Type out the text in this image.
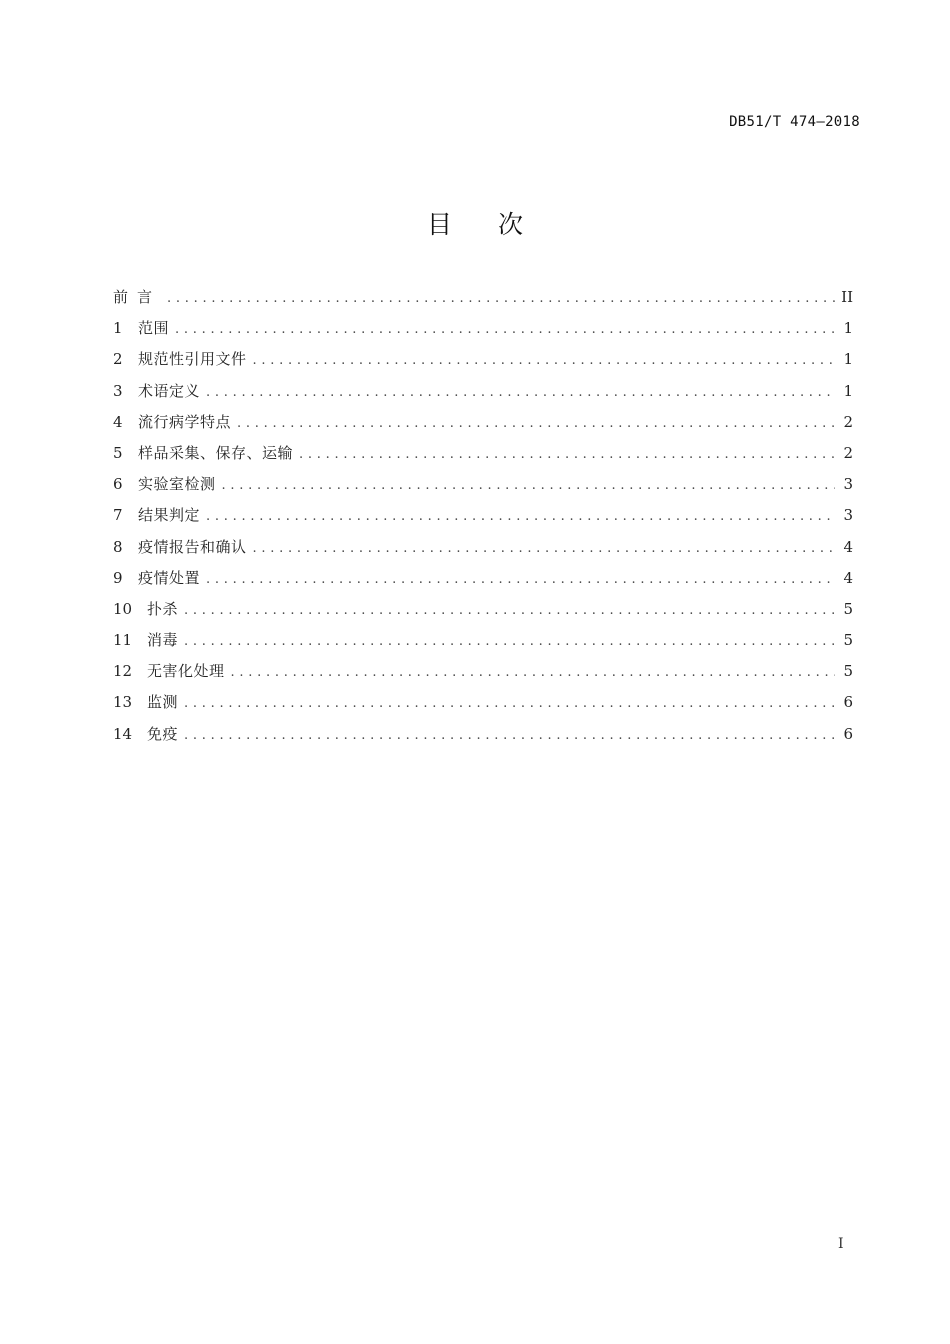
DB51/T 474—2018
目次
前言 . . .	II
1	范围 . . .	1
2	规范性引用文件 . . .	1
3	术语定义 . . .	1
4	流行病学特点 . . .	2
5	样品采集、保存、运输 . . .	2
6	实验室检测 . . .	3
7	结果判定 . . .	3
8	疫情报告和确认 . . .	4
9	疫情处置 . . .	4
10 扑杀 . . .	5
11 消毒 . . .	5
12 无害化处理 . . .	5
13 监测 . . .	6
14 免疫 . . .	6
I
